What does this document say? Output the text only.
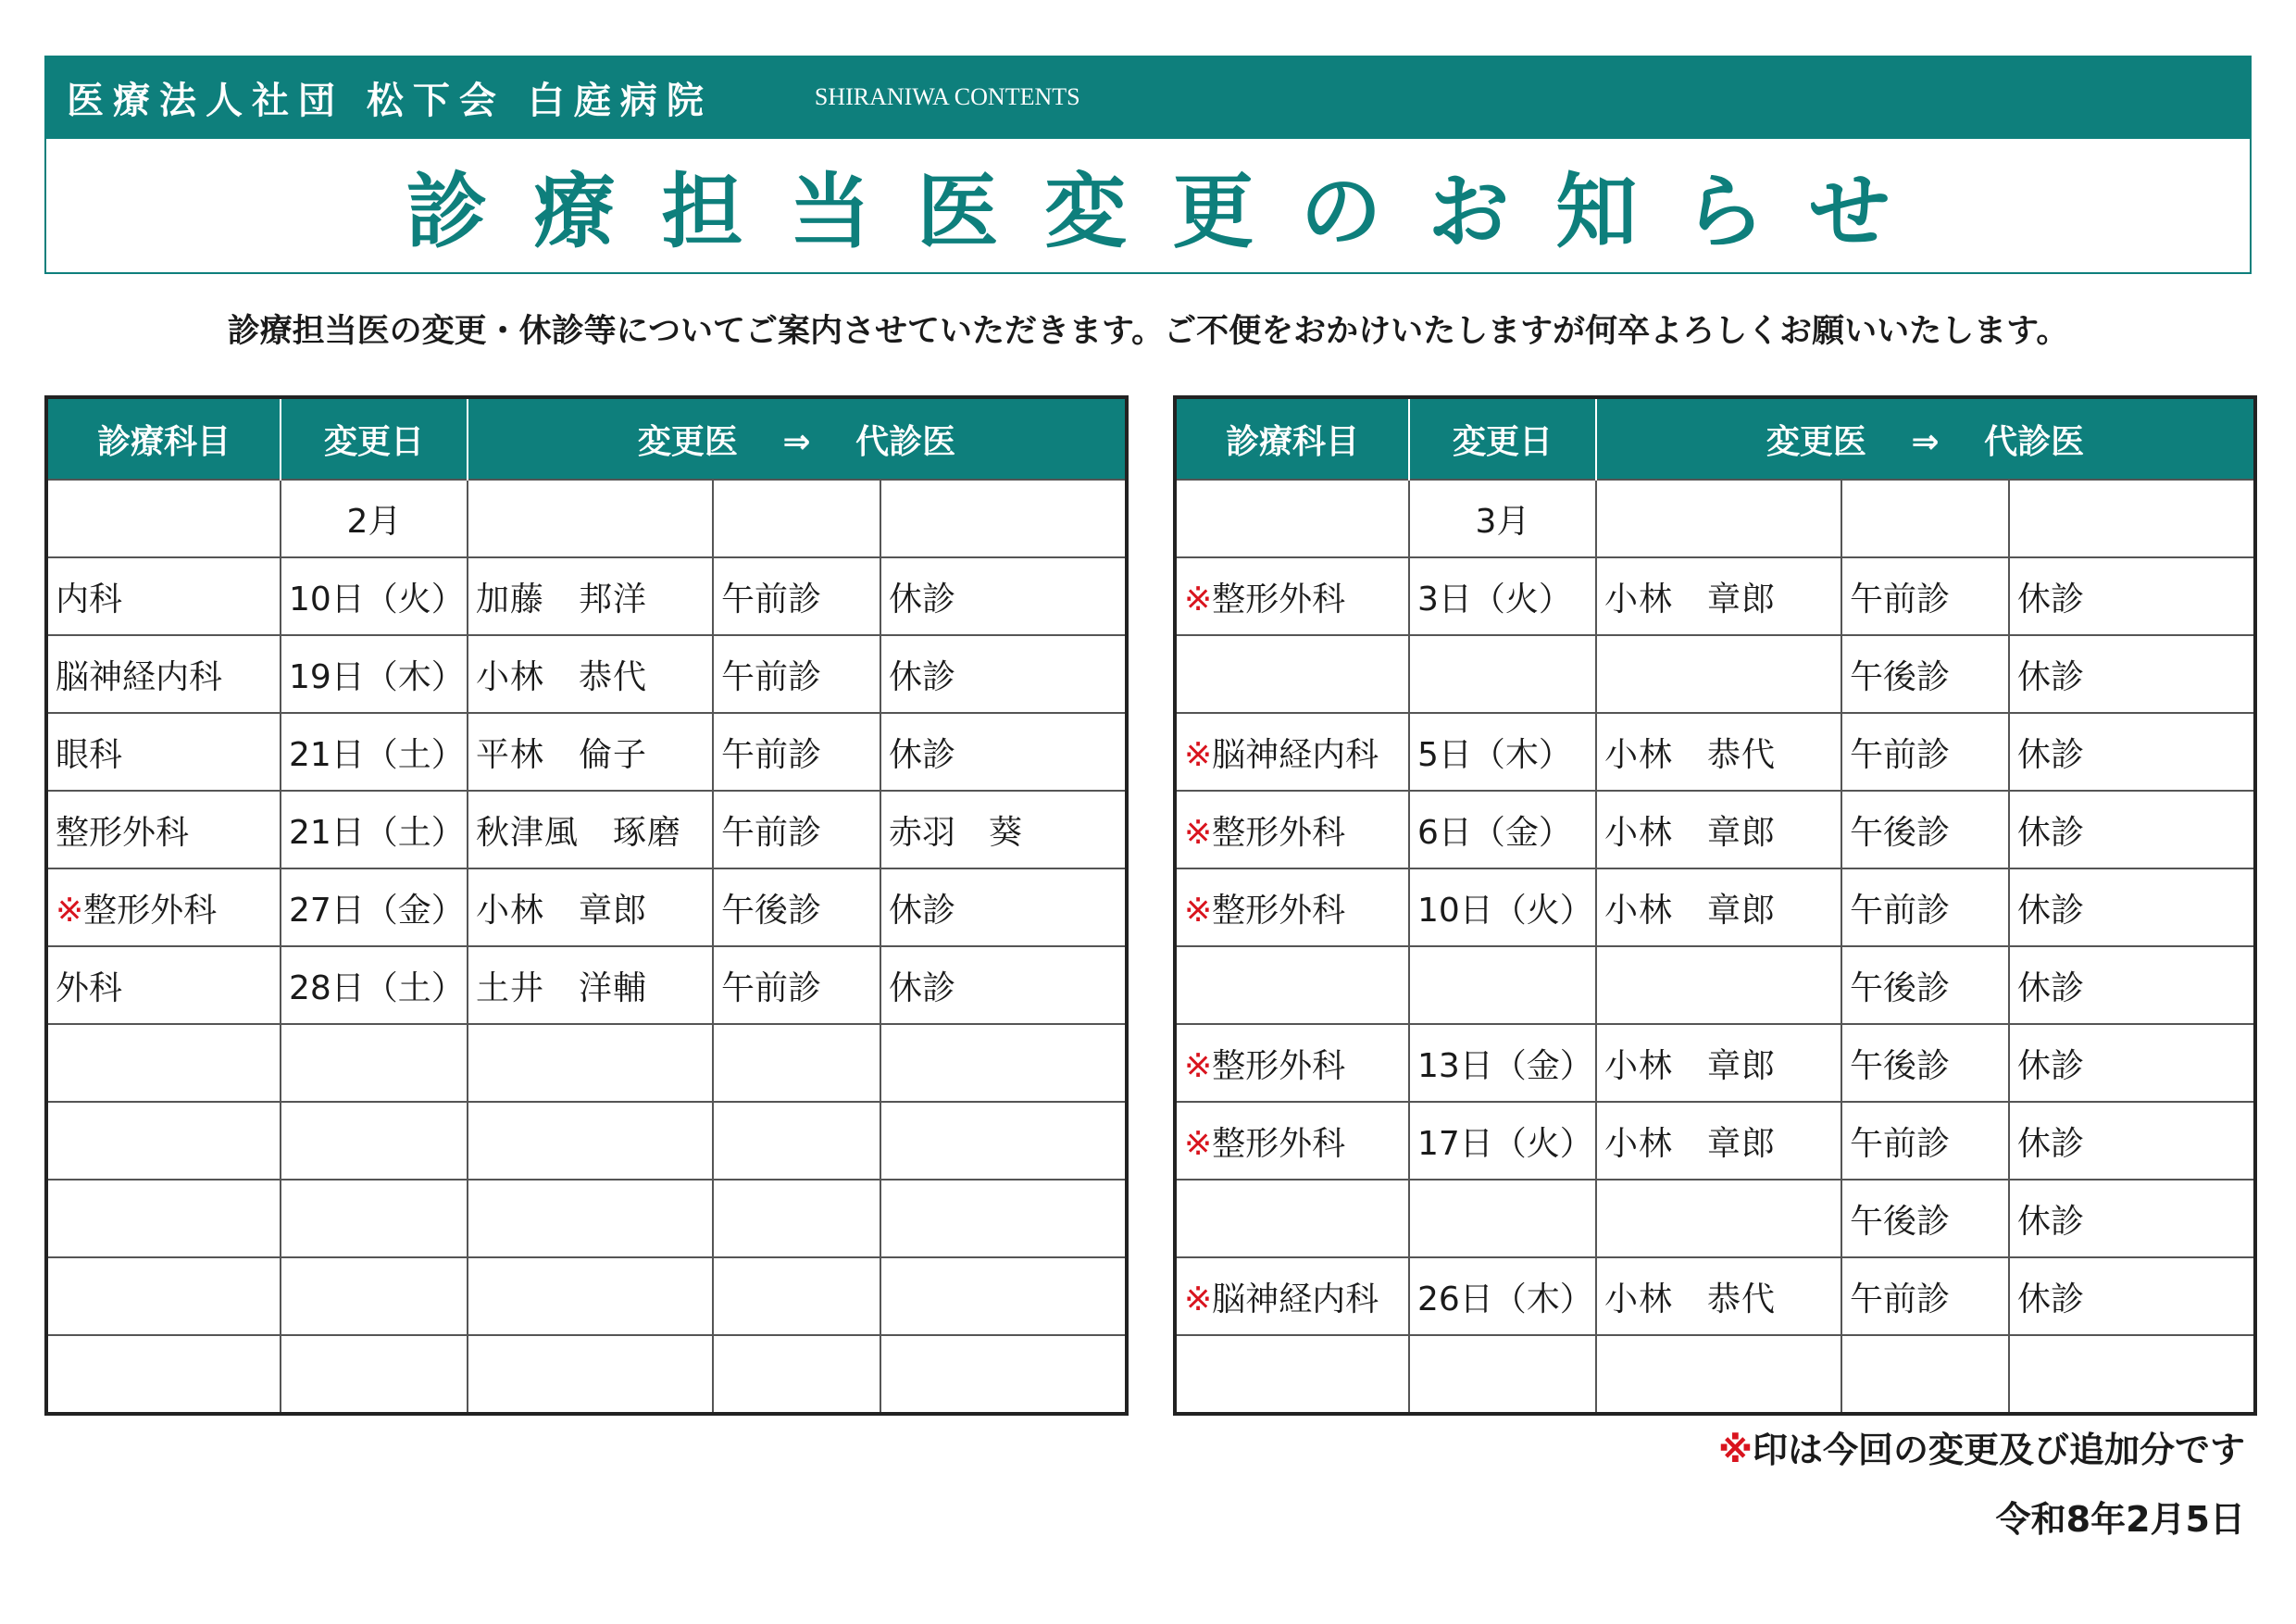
医療法人社団 松下会 白庭病院	SHIRANIWA CONTENTS
診療担当医変更のお知らせ
診療担当医の変更・休診等についてご案内させていただきます。ご不便をおかけいたしますが何卒よろしくお願いいたします。
診療科目	変更日	変更医　 ⇒　 代診医		
	2月			
内科	10日（火）	加藤　邦洋	午前診	休診
脳神経内科	19日（木）	小林　恭代	午前診	休診
眼科	21日（土）	平林　倫子	午前診	休診
整形外科	21日（土）	秋津風　琢磨	午前診	赤羽　葵
※整形外科	27日（金）	小林　章郎	午後診	休診
外科	28日（土）	土井　洋輔	午前診	休診

診療科目	変更日	変更医　 ⇒　 代診医		
	3月			
※整形外科	3日（火）	小林　章郎	午前診	休診
			午後診	休診
※脳神経内科	5日（木）	小林　恭代	午前診	休診
※整形外科	6日（金）	小林　章郎	午後診	休診
※整形外科	10日（火）	小林　章郎	午前診	休診
			午後診	休診
※整形外科	13日（金）	小林　章郎	午後診	休診
※整形外科	17日（火）	小林　章郎	午前診	休診
			午後診	休診
※脳神経内科	26日（木）	小林　恭代	午前診	休診

※印は今回の変更及び追加分です
令和8年2月5日
